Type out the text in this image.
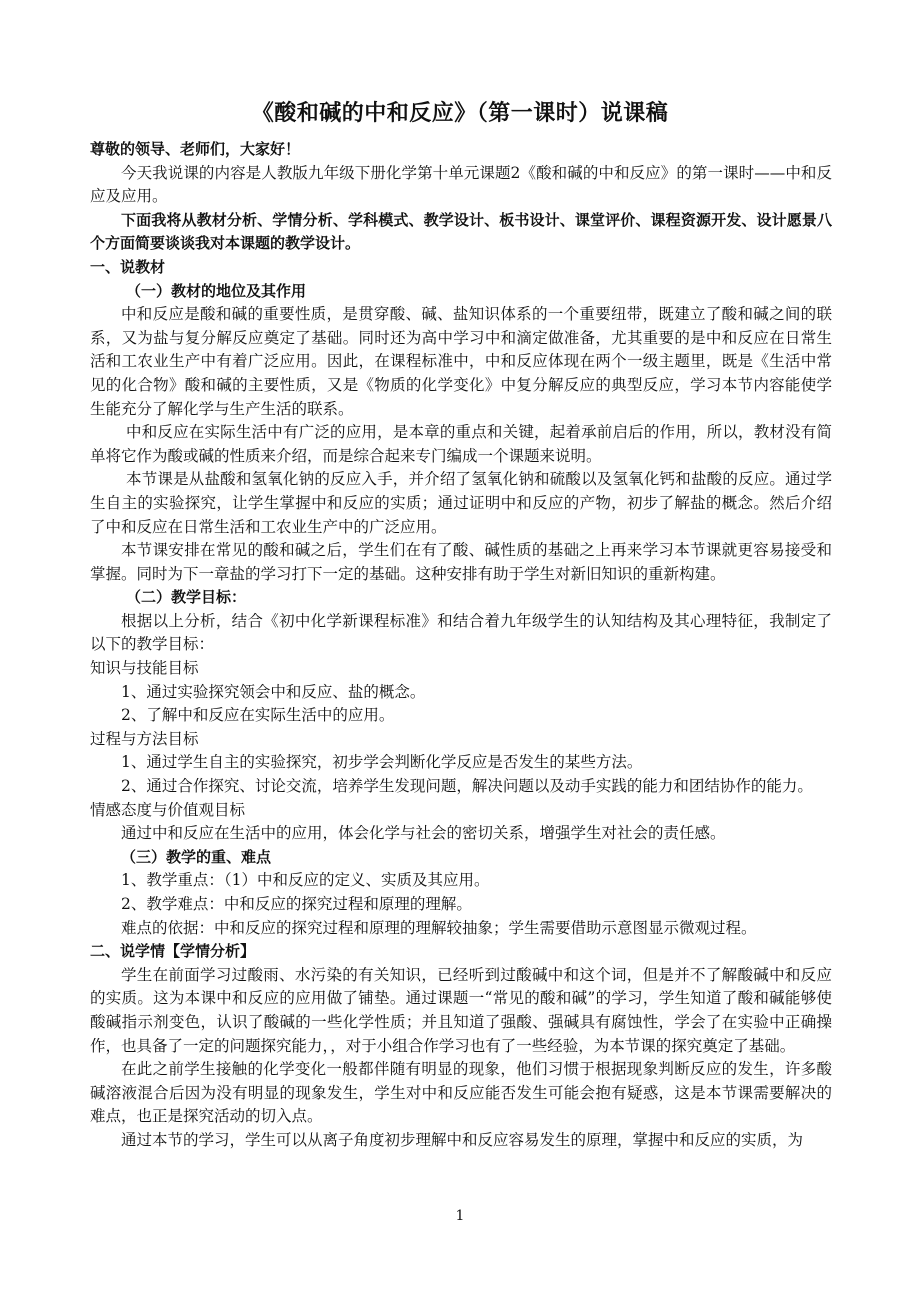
《酸和碱的中和反应》（第一课时）说课稿

尊敬的领导、老师们，大家好！

今天我说课的内容是人教版九年级下册化学第十单元课题2《酸和碱的中和反应》的第一课时——中和反应及应用。

下面我将从教材分析、学情分析、学科模式、教学设计、板书设计、课堂评价、课程资源开发、设计愿景八个方面简要谈谈我对本课题的教学设计。

一、说教材

（一）教材的地位及其作用

中和反应是酸和碱的重要性质，是贯穿酸、碱、盐知识体系的一个重要纽带，既建立了酸和碱之间的联系，又为盐与复分解反应奠定了基础。同时还为高中学习中和滴定做准备，尤其重要的是中和反应在日常生活和工农业生产中有着广泛应用。因此，在课程标准中，中和反应体现在两个一级主题里，既是《生活中常见的化合物》酸和碱的主要性质，又是《物质的化学变化》中复分解反应的典型反应，学习本节内容能使学生能充分了解化学与生产生活的联系。

中和反应在实际生活中有广泛的应用，是本章的重点和关键，起着承前启后的作用，所以，教材没有简单将它作为酸或碱的性质来介绍，而是综合起来专门编成一个课题来说明。

本节课是从盐酸和氢氧化钠的反应入手，并介绍了氢氧化钠和硫酸以及氢氧化钙和盐酸的反应。通过学生自主的实验探究，让学生掌握中和反应的实质；通过证明中和反应的产物，初步了解盐的概念。然后介绍了中和反应在日常生活和工农业生产中的广泛应用。

本节课安排在常见的酸和碱之后，学生们在有了酸、碱性质的基础之上再来学习本节课就更容易接受和掌握。同时为下一章盐的学习打下一定的基础。这种安排有助于学生对新旧知识的重新构建。

（二）教学目标：

根据以上分析，结合《初中化学新课程标准》和结合着九年级学生的认知结构及其心理特征，我制定了以下的教学目标：

知识与技能目标

1、通过实验探究领会中和反应、盐的概念。

2、了解中和反应在实际生活中的应用。

过程与方法目标

1、通过学生自主的实验探究，初步学会判断化学反应是否发生的某些方法。

2、通过合作探究、讨论交流，培养学生发现问题，解决问题以及动手实践的能力和团结协作的能力。

情感态度与价值观目标

通过中和反应在生活中的应用，体会化学与社会的密切关系，增强学生对社会的责任感。

（三）教学的重、难点

1、教学重点：（1）中和反应的定义、实质及其应用。

2、教学难点：中和反应的探究过程和原理的理解。

难点的依据：中和反应的探究过程和原理的理解较抽象；学生需要借助示意图显示微观过程。

二、说学情【学情分析】

学生在前面学习过酸雨、水污染的有关知识，已经听到过酸碱中和这个词，但是并不了解酸碱中和反应的实质。这为本课中和反应的应用做了铺垫。通过课题一“常见的酸和碱”的学习，学生知道了酸和碱能够使酸碱指示剂变色，认识了酸碱的一些化学性质；并且知道了强酸、强碱具有腐蚀性，学会了在实验中正确操作，也具备了一定的问题探究能力，，对于小组合作学习也有了一些经验，为本节课的探究奠定了基础。

在此之前学生接触的化学变化一般都伴随有明显的现象，他们习惯于根据现象判断反应的发生，许多酸碱溶液混合后因为没有明显的现象发生，学生对中和反应能否发生可能会抱有疑惑，这是本节课需要解决的难点，也正是探究活动的切入点。

通过本节的学习，学生可以从离子角度初步理解中和反应容易发生的原理，掌握中和反应的实质，为

1
